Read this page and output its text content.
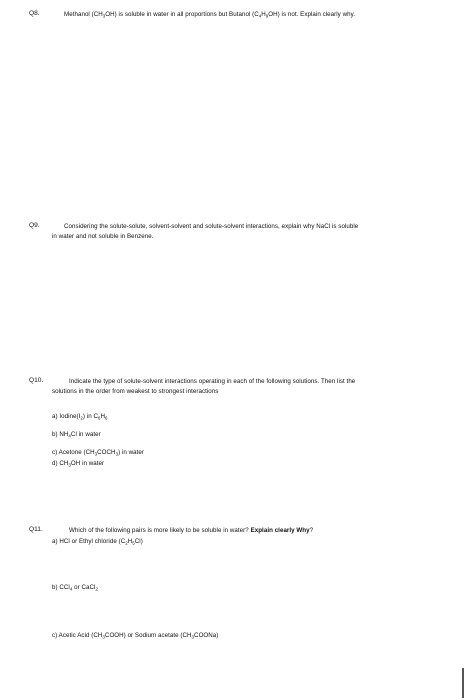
Q8.	Methanol $(CH_3OH)$ is soluble in water in all proportions but Butanol $(C_4H_9OH)$ is not. Explain clearly why.
Q9.	Considering the solute-solute, solvent-solvent and solute-solvent interactions, explain why NaCl is soluble
in water and not soluble in Benzene.
Q10.	Indicate the type of solute-solvent interactions operating in each of the following solutions. Then list the
solutions in the order from weakest to strongest interactions
a) $Iodine(I_2)$ in $C_6H_6$
b) $NH_4Cl$ in water
c) Acetone $(CH_3COCH_3)$ in water
d) $CH_3OH$ in water
Q11.	Which of the following pairs is more likely to be soluble in water? Explain clearly Why?
a) HCl or Ethyl chloride $(C_2H_5Cl)$
b) CCl$_4$ or CaCl$_2$
c) Acetic Acid $(CH_3COOH)$ or Sodium acetate $(CH_3COONa)$
